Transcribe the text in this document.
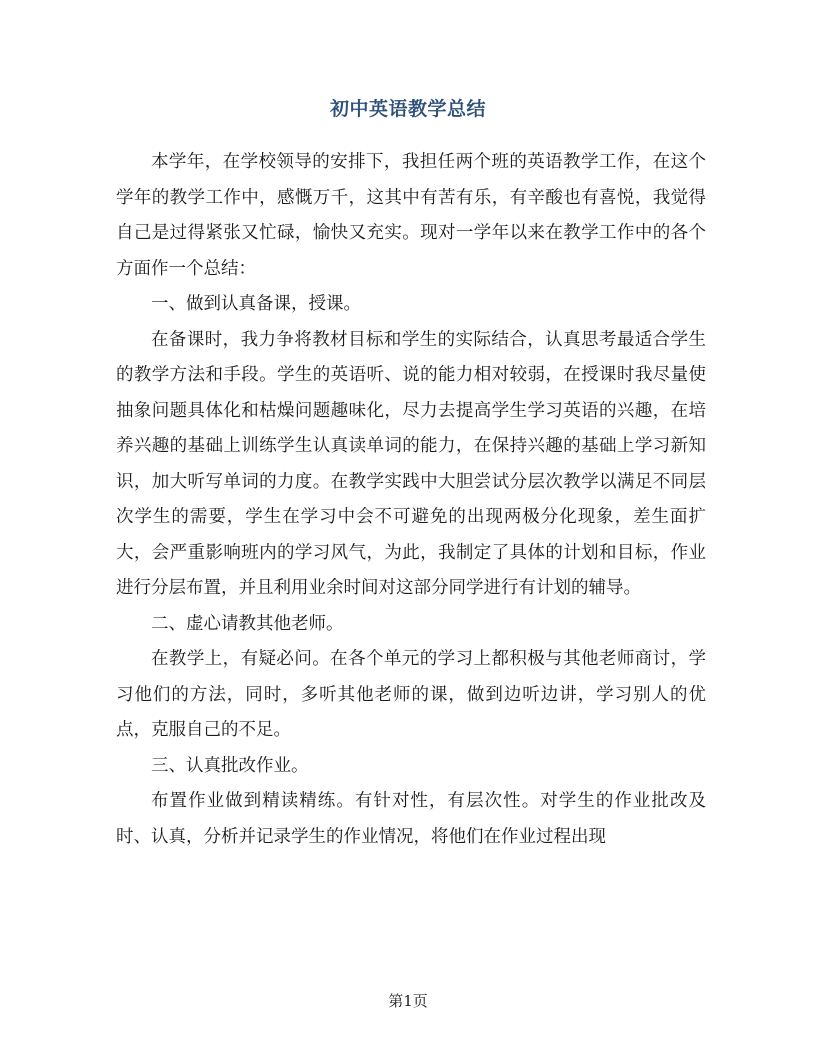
初中英语教学总结

本学年，在学校领导的安排下，我担任两个班的英语教学工作，在这个学年的教学工作中，感慨万千，这其中有苦有乐，有辛酸也有喜悦，我觉得自己是过得紧张又忙碌，愉快又充实。现对一学年以来在教学工作中的各个方面作一个总结：

一、做到认真备课，授课。

在备课时，我力争将教材目标和学生的实际结合，认真思考最适合学生的教学方法和手段。学生的英语听、说的能力相对较弱，在授课时我尽量使抽象问题具体化和枯燥问题趣味化，尽力去提高学生学习英语的兴趣，在培养兴趣的基础上训练学生认真读单词的能力，在保持兴趣的基础上学习新知识，加大听写单词的力度。在教学实践中大胆尝试分层次教学以满足不同层次学生的需要，学生在学习中会不可避免的出现两极分化现象，差生面扩大，会严重影响班内的学习风气，为此，我制定了具体的计划和目标，作业进行分层布置，并且利用业余时间对这部分同学进行有计划的辅导。

二、虚心请教其他老师。

在教学上，有疑必问。在各个单元的学习上都积极与其他老师商讨，学习他们的方法，同时，多听其他老师的课，做到边听边讲，学习别人的优点，克服自己的不足。

三、认真批改作业。

布置作业做到精读精练。有针对性，有层次性。对学生的作业批改及时、认真，分析并记录学生的作业情况，将他们在作业过程出现

第1页
